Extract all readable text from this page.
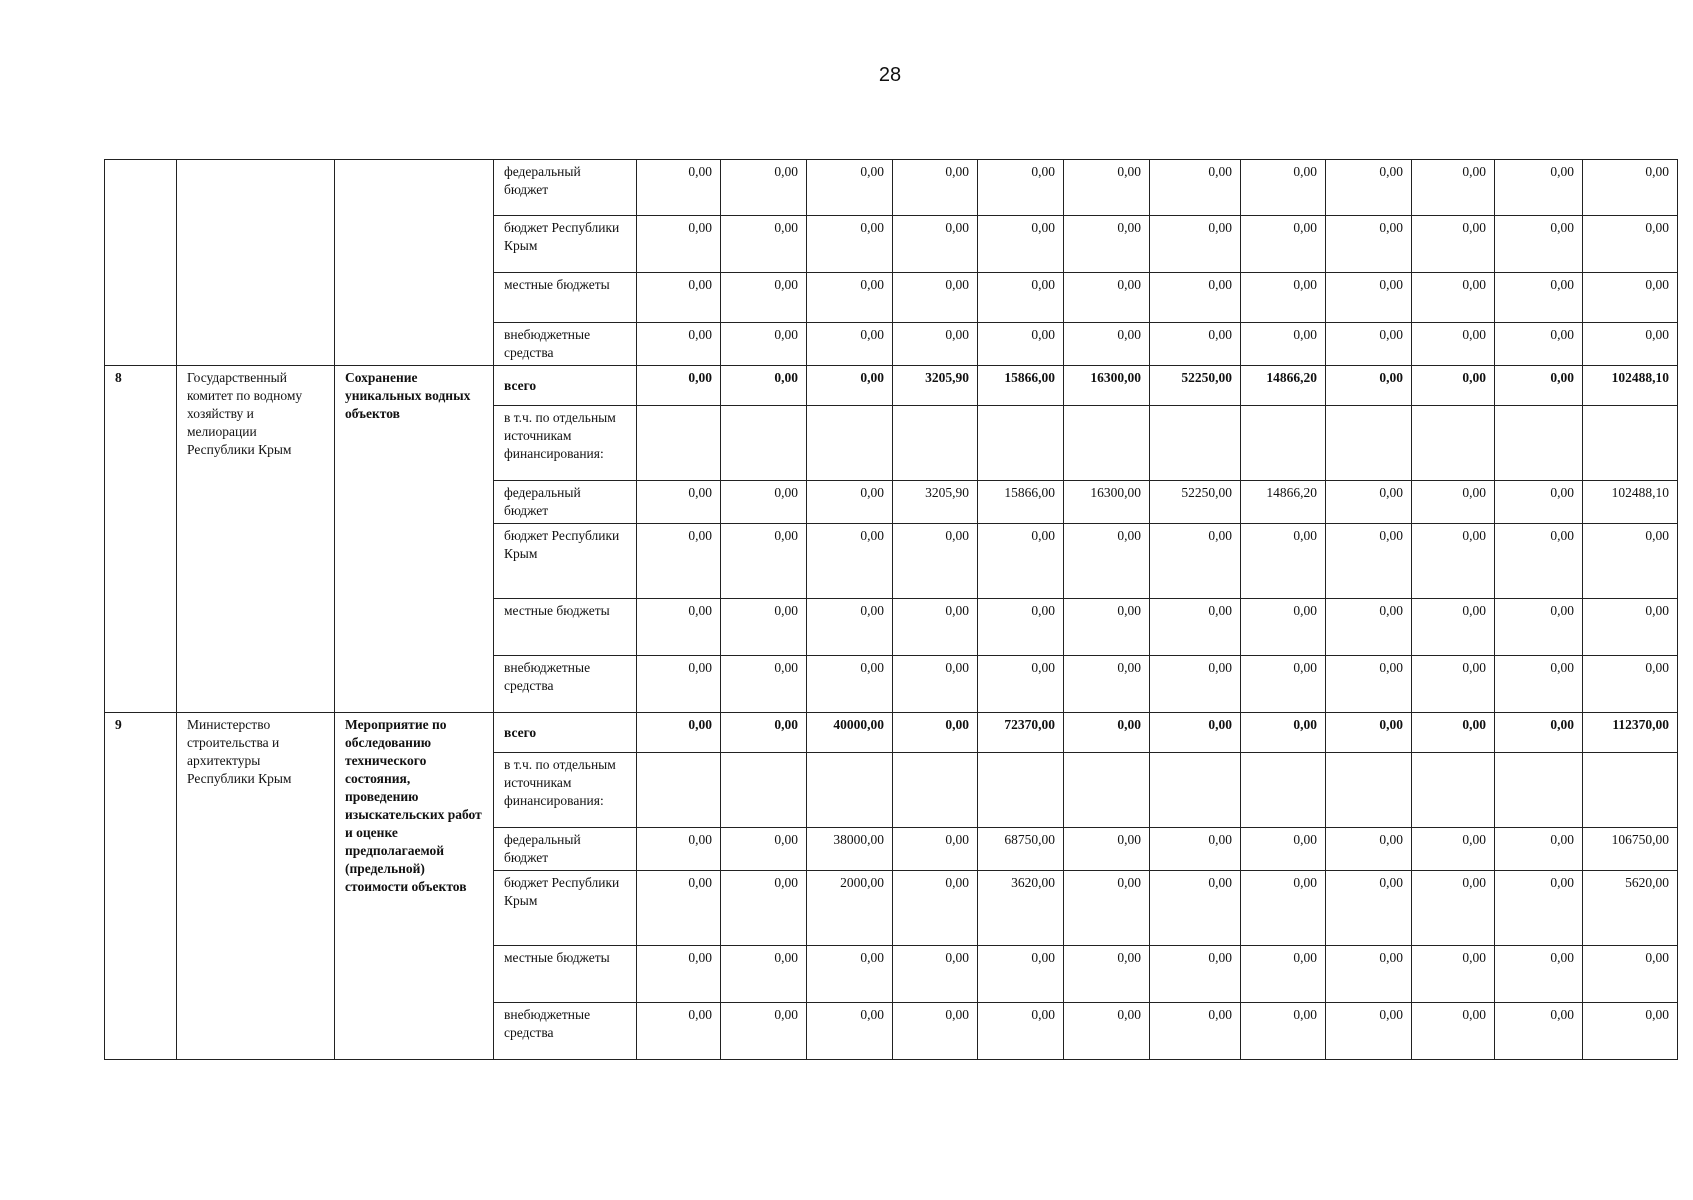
28
			федеральный бюджет	0,00	0,00	0,00	0,00	0,00	0,00	0,00	0,00	0,00	0,00	0,00	0,00
			бюджет Республики Крым	0,00	0,00	0,00	0,00	0,00	0,00	0,00	0,00	0,00	0,00	0,00	0,00
			местные бюджеты	0,00	0,00	0,00	0,00	0,00	0,00	0,00	0,00	0,00	0,00	0,00	0,00
			внебюджетные средства	0,00	0,00	0,00	0,00	0,00	0,00	0,00	0,00	0,00	0,00	0,00	0,00
8	Государственный комитет по водному хозяйству и мелиорации Республики Крым	Сохранение уникальных водных объектов	всего	0,00	0,00	0,00	3205,90	15866,00	16300,00	52250,00	14866,20	0,00	0,00	0,00	102488,10
			в т.ч. по отдельным источникам финансирования:												
			федеральный бюджет	0,00	0,00	0,00	3205,90	15866,00	16300,00	52250,00	14866,20	0,00	0,00	0,00	102488,10
			бюджет Республики Крым	0,00	0,00	0,00	0,00	0,00	0,00	0,00	0,00	0,00	0,00	0,00	0,00
			местные бюджеты	0,00	0,00	0,00	0,00	0,00	0,00	0,00	0,00	0,00	0,00	0,00	0,00
			внебюджетные средства	0,00	0,00	0,00	0,00	0,00	0,00	0,00	0,00	0,00	0,00	0,00	0,00
9	Министерство строительства и архитектуры Республики Крым	Мероприятие по обследованию технического состояния, проведению изыскательских работ и оценке предполагаемой (предельной) стоимости объектов	всего	0,00	0,00	40000,00	0,00	72370,00	0,00	0,00	0,00	0,00	0,00	0,00	112370,00
			в т.ч. по отдельным источникам финансирования:												
			федеральный бюджет	0,00	0,00	38000,00	0,00	68750,00	0,00	0,00	0,00	0,00	0,00	0,00	106750,00
			бюджет Республики Крым	0,00	0,00	2000,00	0,00	3620,00	0,00	0,00	0,00	0,00	0,00	0,00	5620,00
			местные бюджеты	0,00	0,00	0,00	0,00	0,00	0,00	0,00	0,00	0,00	0,00	0,00	0,00
			внебюджетные средства	0,00	0,00	0,00	0,00	0,00	0,00	0,00	0,00	0,00	0,00	0,00	0,00
